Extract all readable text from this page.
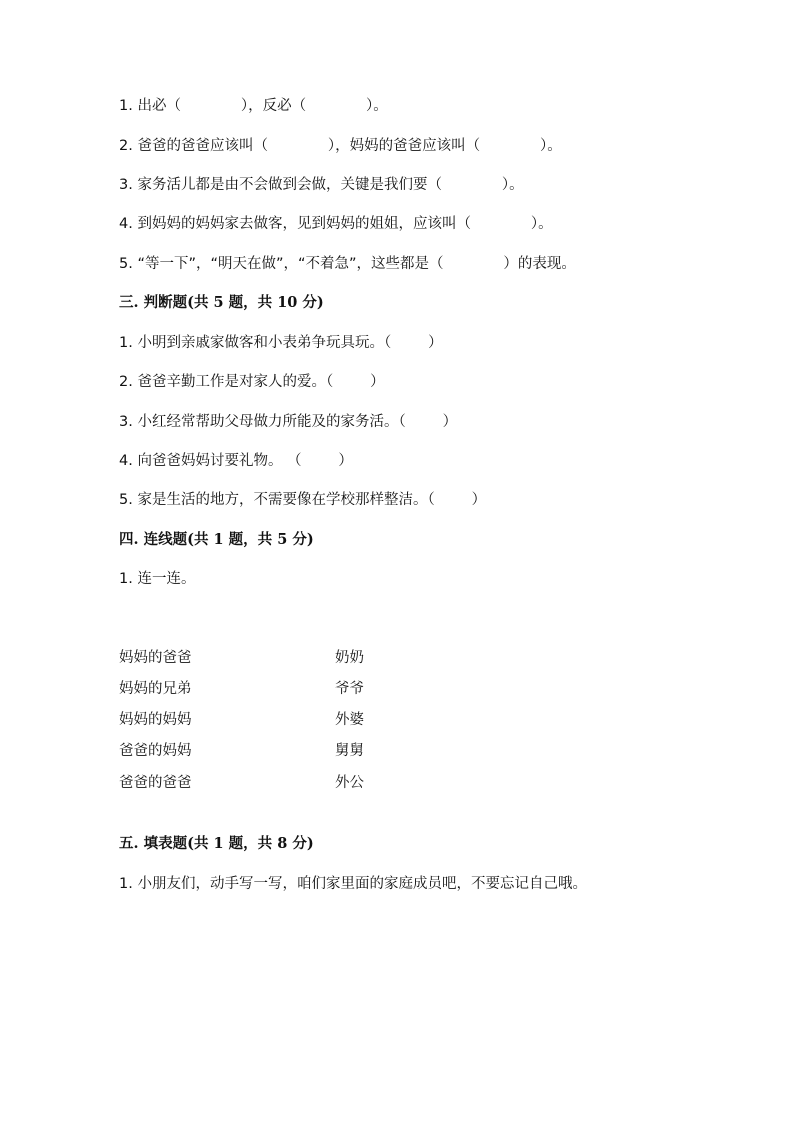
1. 出必（             ），反必（             ）。
2. 爸爸的爸爸应该叫（             ），妈妈的爸爸应该叫（             ）。
3. 家务活儿都是由不会做到会做，关键是我们要（             ）。
4. 到妈妈的妈妈家去做客，见到妈妈的姐姐，应该叫（             ）。
5. “等一下”，“明天在做”，“不着急”，这些都是（             ）的表现。
三. 判断题(共 5 题，共 10 分)
1. 小明到亲戚家做客和小表弟争玩具玩。（        ）
2. 爸爸辛勤工作是对家人的爱。（        ）
3. 小红经常帮助父母做力所能及的家务活。（        ）
4. 向爸爸妈妈讨要礼物。 （        ）
5. 家是生活的地方，不需要像在学校那样整洁。（        ）
四. 连线题(共 1 题，共 5 分)
1. 连一连。
妈妈的爸爸
妈妈的兄弟
妈妈的妈妈
爸爸的妈妈
爸爸的爸爸
奶奶
爷爷
外婆
舅舅
外公
五. 填表题(共 1 题，共 8 分)
1. 小朋友们，动手写一写，咱们家里面的家庭成员吧，不要忘记自己哦。
